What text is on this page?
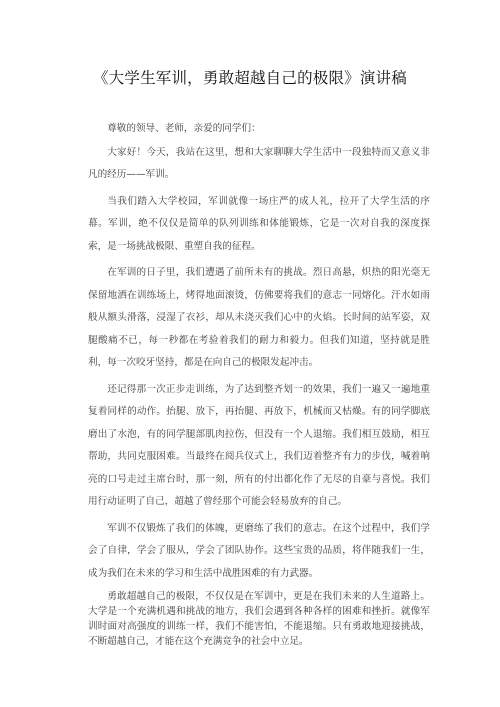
《大学生军训，勇敢超越自己的极限》演讲稿

尊敬的领导、老师，亲爱的同学们：

大家好！今天，我站在这里，想和大家聊聊大学生活中一段独特而又意义非凡的经历——军训。

当我们踏入大学校园，军训就像一场庄严的成人礼，拉开了大学生活的序幕。军训，绝不仅仅是简单的队列训练和体能锻炼，它是一次对自我的深度探索，是一场挑战极限、重塑自我的征程。

在军训的日子里，我们遭遇了前所未有的挑战。烈日高悬，炽热的阳光毫无保留地洒在训练场上，烤得地面滚烫，仿佛要将我们的意志一同熔化。汗水如雨般从额头滑落，浸湿了衣衫，却从未浇灭我们心中的火焰。长时间的站军姿，双腿酸痛不已，每一秒都在考验着我们的耐力和毅力。但我们知道，坚持就是胜利，每一次咬牙坚持，都是在向自己的极限发起冲击。

还记得那一次正步走训练，为了达到整齐划一的效果，我们一遍又一遍地重复着同样的动作。抬腿、放下，再抬腿、再放下，机械而又枯燥。有的同学脚底磨出了水泡，有的同学腿部肌肉拉伤，但没有一个人退缩。我们相互鼓励，相互帮助，共同克服困难。当最终在阅兵仪式上，我们迈着整齐有力的步伐，喊着响亮的口号走过主席台时，那一刻，所有的付出都化作了无尽的自豪与喜悦。我们用行动证明了自己，超越了曾经那个可能会轻易放弃的自己。

军训不仅锻炼了我们的体魄，更磨练了我们的意志。在这个过程中，我们学会了自律，学会了服从，学会了团队协作。这些宝贵的品质，将伴随我们一生，成为我们在未来的学习和生活中战胜困难的有力武器。

勇敢超越自己的极限，不仅仅是在军训中，更是在我们未来的人生道路上。大学是一个充满机遇和挑战的地方，我们会遇到各种各样的困难和挫折。就像军训时面对高强度的训练一样，我们不能害怕，不能退缩。只有勇敢地迎接挑战，不断超越自己，才能在这个充满竞争的社会中立足。
